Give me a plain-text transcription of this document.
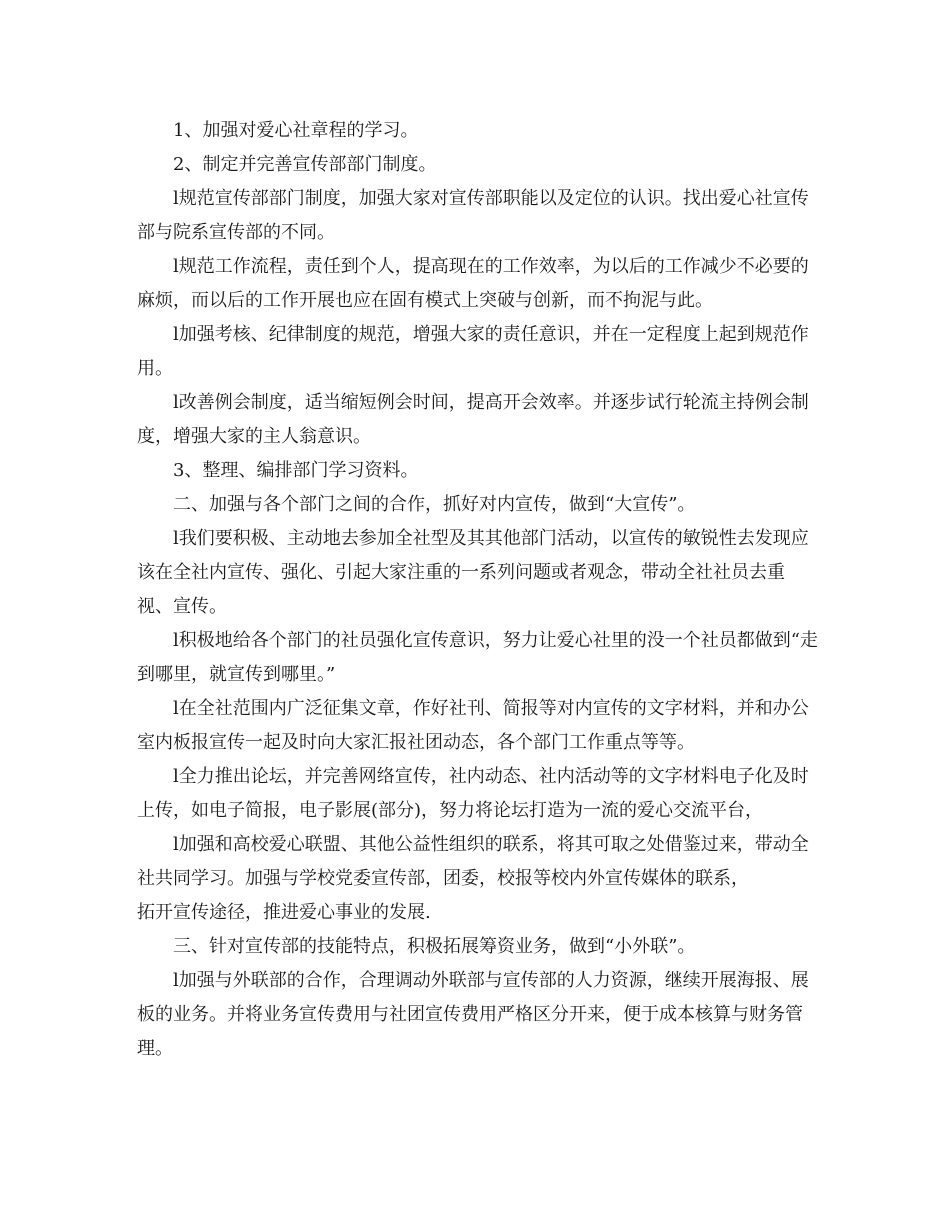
1、加强对爱心社章程的学习。

2、制定并完善宣传部部门制度。

l规范宣传部部门制度，加强大家对宣传部职能以及定位的认识。找出爱心社宣传部与院系宣传部的不同。

l规范工作流程，责任到个人，提高现在的工作效率，为以后的工作减少不必要的麻烦，而以后的工作开展也应在固有模式上突破与创新，而不拘泥与此。

l加强考核、纪律制度的规范，增强大家的责任意识，并在一定程度上起到规范作用。

l改善例会制度，适当缩短例会时间，提高开会效率。并逐步试行轮流主持例会制度，增强大家的主人翁意识。

3、整理、编排部门学习资料。

二、加强与各个部门之间的合作，抓好对内宣传，做到“大宣传”。

l我们要积极、主动地去参加全社型及其其他部门活动，以宣传的敏锐性去发现应该在全社内宣传、强化、引起大家注重的一系列问题或者观念，带动全社社员去重视、宣传。

l积极地给各个部门的社员强化宣传意识，努力让爱心社里的没一个社员都做到“走到哪里，就宣传到哪里。”

l在全社范围内广泛征集文章，作好社刊、简报等对内宣传的文字材料，并和办公室内板报宣传一起及时向大家汇报社团动态，各个部门工作重点等等。

l全力推出论坛，并完善网络宣传，社内动态、社内活动等的文字材料电子化及时上传，如电子简报，电子影展(部分)，努力将论坛打造为一流的爱心交流平台，

l加强和高校爱心联盟、其他公益性组织的联系，将其可取之处借鉴过来，带动全社共同学习。加强与学校党委宣传部，团委，校报等校内外宣传媒体的联系，
拓开宣传途径，推进爱心事业的发展.

三、针对宣传部的技能特点，积极拓展筹资业务，做到“小外联”。

l加强与外联部的合作，合理调动外联部与宣传部的人力资源，继续开展海报、展板的业务。并将业务宣传费用与社团宣传费用严格区分开来，便于成本核算与财务管理。
